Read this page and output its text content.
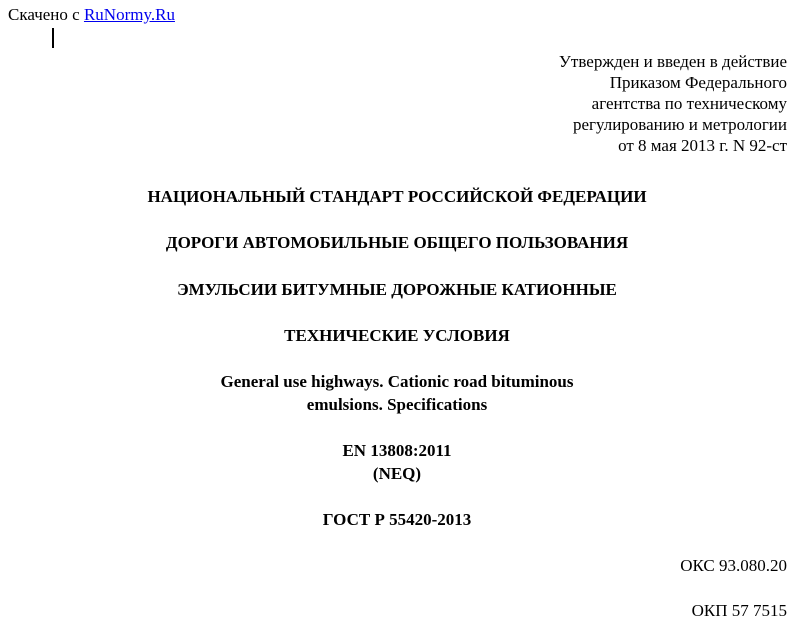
Скачено с RuNormy.Ru
Утвержден и введен в действие
Приказом Федерального
агентства по техническому
регулированию и метрологии
от 8 мая 2013 г. N 92-ст
НАЦИОНАЛЬНЫЙ СТАНДАРТ РОССИЙСКОЙ ФЕДЕРАЦИИ
ДОРОГИ АВТОМОБИЛЬНЫЕ ОБЩЕГО ПОЛЬЗОВАНИЯ
ЭМУЛЬСИИ БИТУМНЫЕ ДОРОЖНЫЕ КАТИОННЫЕ
ТЕХНИЧЕСКИЕ УСЛОВИЯ
General use highways. Cationic road bituminous
emulsions. Specifications
EN 13808:2011
(NEQ)
ГОСТ Р 55420-2013
ОКС 93.080.20
ОКП 57 7515
